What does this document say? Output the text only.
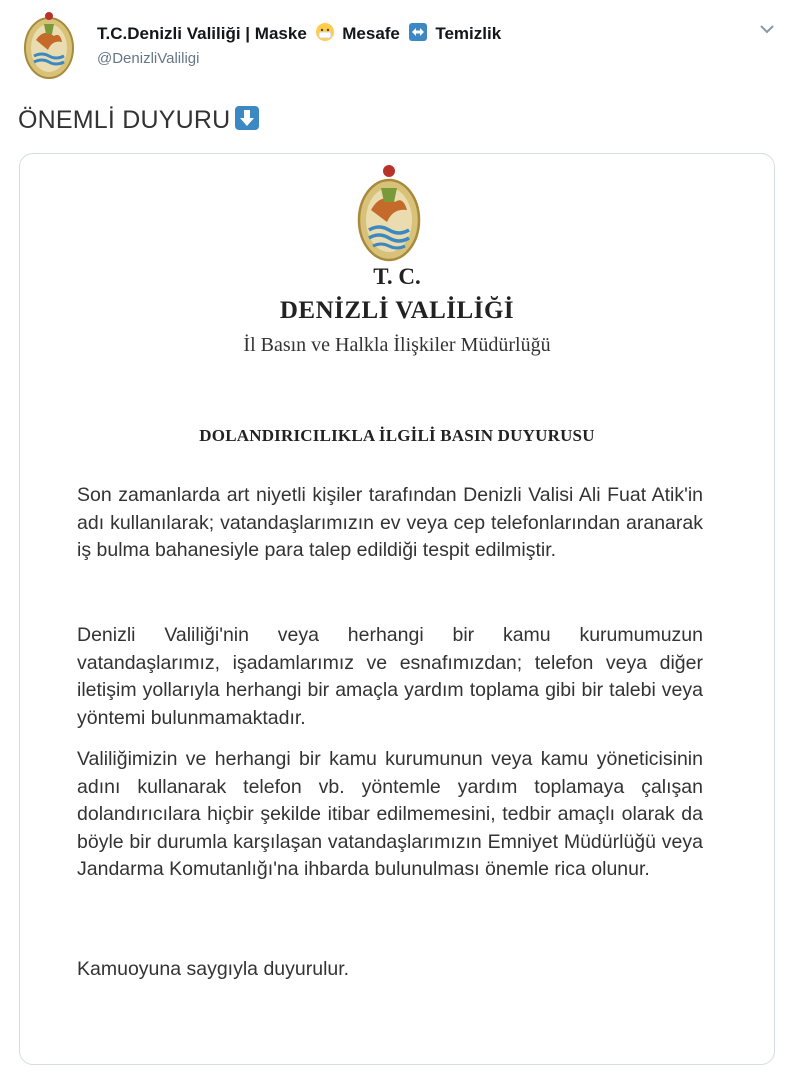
T.C.Denizli Valiliği | Maske Mesafe Temizlik
@DenizliValiligi
ÖNEMLİ DUYURU
T. C.
DENİZLİ VALİLİĞİ
İl Basın ve Halkla İlişkiler Müdürlüğü
DOLANDIRICILIKLA İLGİLİ BASIN DUYURUSU
Son zamanlarda art niyetli kişiler tarafından Denizli Valisi Ali Fuat Atik'in adı kullanılarak; vatandaşlarımızın ev veya cep telefonlarından aranarak iş bulma bahanesiyle para talep edildiği tespit edilmiştir.
Denizli Valiliği'nin veya herhangi bir kamu kurumumuzun vatandaşlarımız, işadamlarımız ve esnafımızdan; telefon veya diğer iletişim yollarıyla herhangi bir amaçla yardım toplama gibi bir talebi veya yöntemi bulunmamaktadır.
Valiliğimizin ve herhangi bir kamu kurumunun veya kamu yöneticisinin adını kullanarak telefon vb. yöntemle yardım toplamaya çalışan dolandırıcılara hiçbir şekilde itibar edilmemesini, tedbir amaçlı olarak da böyle bir durumla karşılaşan vatandaşlarımızın Emniyet Müdürlüğü veya Jandarma Komutanlığı'na ihbarda bulunulması önemle rica olunur.
Kamuoyuna saygıyla duyurulur.
